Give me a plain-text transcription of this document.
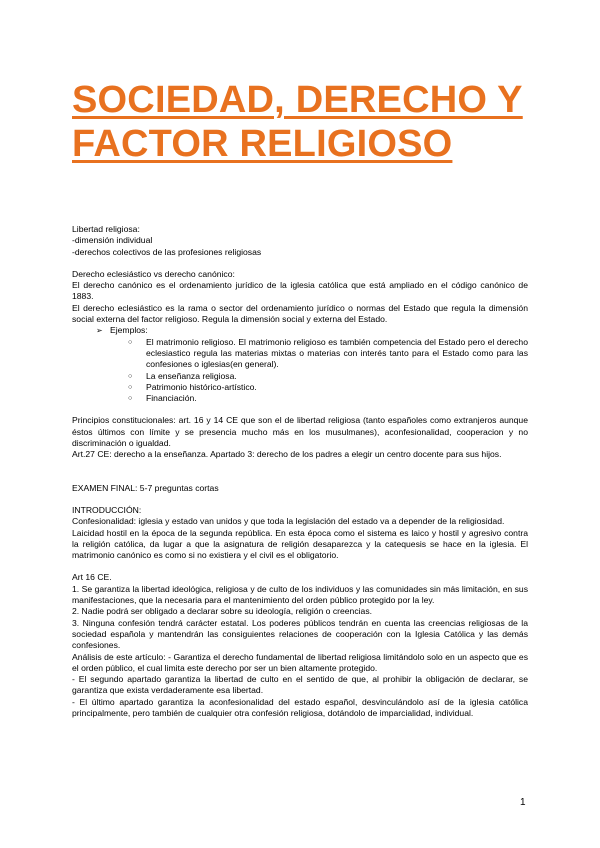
SOCIEDAD, DERECHO Y FACTOR RELIGIOSO

Libertad religiosa:

-dimensión individual

-derechos colectivos de las profesiones religiosas

Derecho eclesiástico vs derecho canónico:

El derecho canónico es el ordenamiento jurídico de la iglesia católica que está ampliado en el código canónico de 1883.

El derecho eclesiástico es la rama o sector del ordenamiento jurídico o normas del Estado que regula la dimensión social externa del factor religioso. Regula la dimensión social y externa del Estado.

➢ Ejemplos:
○ El matrimonio religioso. El matrimonio religioso es también competencia del Estado pero el derecho eclesiastico regula las materias mixtas o materias con interés tanto para el Estado como para las confesiones o iglesias(en general).
○ La enseñanza religiosa.
○ Patrimonio histórico-artístico.
○ Financiación.

Principios constitucionales: art. 16 y 14 CE que son el de libertad religiosa (tanto españoles como extranjeros aunque éstos últimos con límite y se presencia mucho más en los musulmanes), aconfesionalidad, cooperacion y no discriminación o igualdad.

Art.27 CE: derecho a la enseñanza. Apartado 3: derecho de los padres a elegir un centro docente para sus hijos.

EXAMEN FINAL: 5-7 preguntas cortas

INTRODUCCIÓN:

Confesionalidad: iglesia y estado van unidos y que toda la legislación del estado va a depender de la religiosidad.

Laicidad hostil en la época de la segunda república. En esta época como el sistema es laico y hostil y agresivo contra la religión católica, da lugar a que la asignatura de religión desaparezca y la catequesis se hace en la iglesia. El matrimonio canónico es como si no existiera y el civil es el obligatorio.

Art 16 CE.

1. Se garantiza la libertad ideológica, religiosa y de culto de los individuos y las comunidades sin más limitación, en sus manifestaciones, que la necesaria para el mantenimiento del orden público protegido por la ley.

2. Nadie podrá ser obligado a declarar sobre su ideología, religión o creencias.

3. Ninguna confesión tendrá carácter estatal. Los poderes públicos tendrán en cuenta las creencias religiosas de la sociedad española y mantendrán las consiguientes relaciones de cooperación con la Iglesia Católica y las demás confesiones.

Análisis de este artículo: - Garantiza el derecho fundamental de libertad religiosa limitándolo solo en un aspecto que es el orden público, el cual limita este derecho por ser un bien altamente protegido.

- El segundo apartado garantiza la libertad de culto en el sentido de que, al prohibir la obligación de declarar, se garantiza que exista verdaderamente esa libertad.

- El último apartado garantiza la aconfesionalidad del estado español, desvinculándolo así de la iglesia católica principalmente, pero también de cualquier otra confesión religiosa, dotándolo de imparcialidad, individual.

1
